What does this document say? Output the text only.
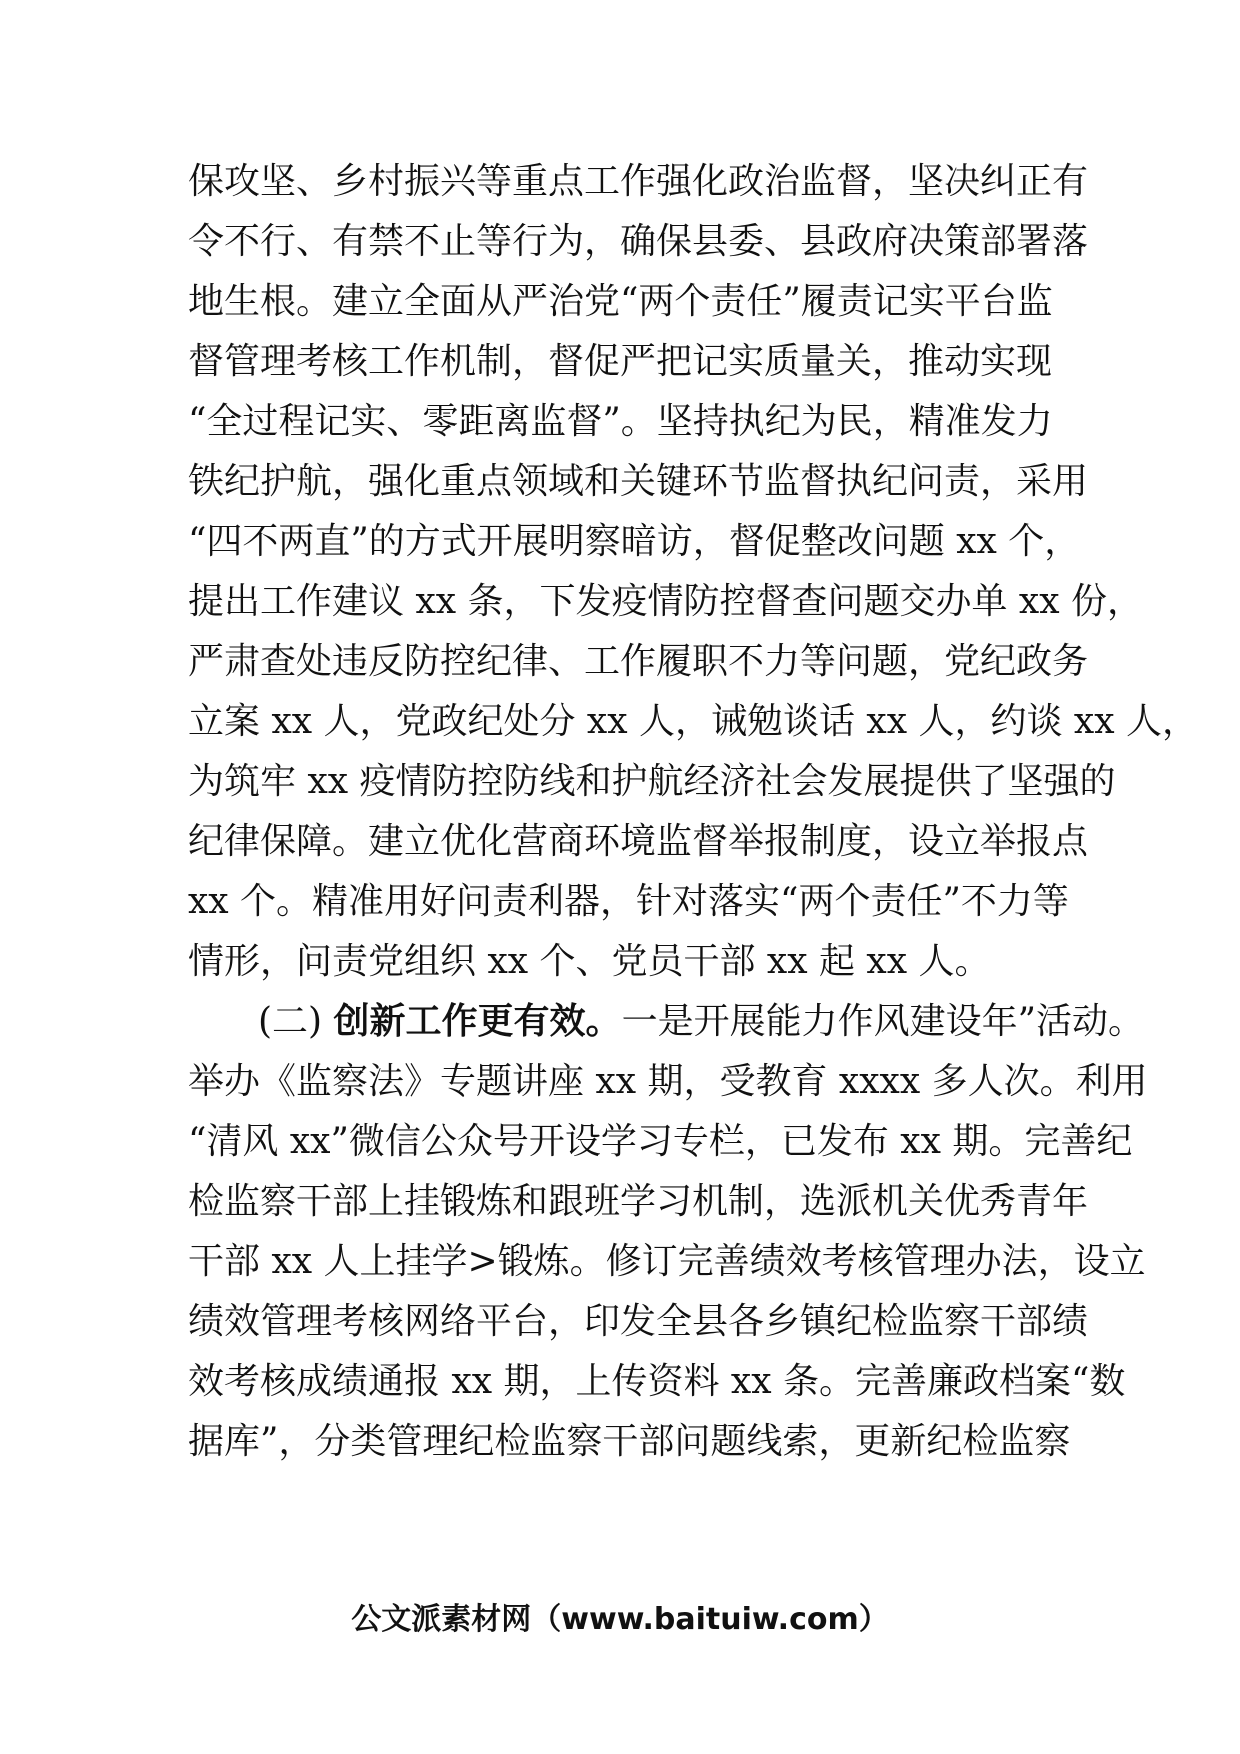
保攻坚、乡村振兴等重点工作强化政治监督，坚决纠正有
令不行、有禁不止等行为，确保县委、县政府决策部署落
地生根。建立全面从严治党“两个责任”履责记实平台监
督管理考核工作机制，督促严把记实质量关，推动实现
“全过程记实、零距离监督”。坚持执纪为民，精准发力
铁纪护航，强化重点领域和关键环节监督执纪问责，采用
“四不两直”的方式开展明察暗访，督促整改问题 xx 个，
提出工作建议 xx 条，下发疫情防控督查问题交办单 xx 份，
严肃查处违反防控纪律、工作履职不力等问题，党纪政务
立案 xx 人，党政纪处分 xx 人，诫勉谈话 xx 人，约谈 xx 人，
为筑牢 xx 疫情防控防线和护航经济社会发展提供了坚强的
纪律保障。建立优化营商环境监督举报制度，设立举报点
xx 个。精准用好问责利器，针对落实“两个责任”不力等
情形，问责党组织 xx 个、党员干部 xx 起 xx 人。
(二) 创新工作更有效。一是开展能力作风建设年”活动。
举办《监察法》专题讲座 xx 期，受教育 xxxx 多人次。利用
“清风 xx”微信公众号开设学习专栏，已发布 xx 期。完善纪
检监察干部上挂锻炼和跟班学习机制，选派机关优秀青年
干部 xx 人上挂学>锻炼。修订完善绩效考核管理办法，设立
绩效管理考核网络平台，印发全县各乡镇纪检监察干部绩
效考核成绩通报 xx 期，上传资料 xx 条。完善廉政档案“数
据库”，分类管理纪检监察干部问题线索，更新纪检监察
公文派素材网（www.baituiw.com）
